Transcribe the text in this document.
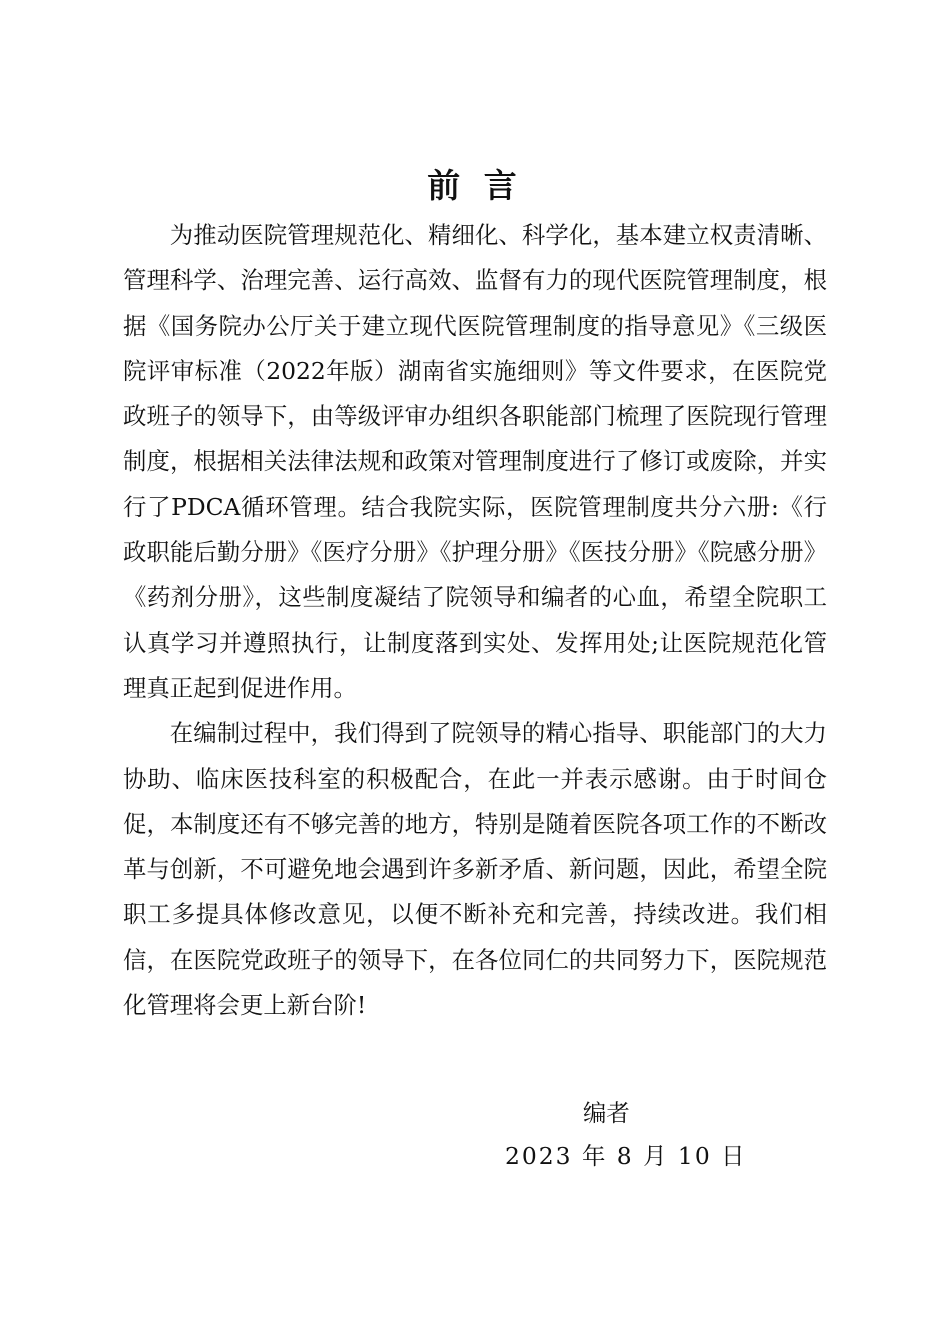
前 言

为推动医院管理规范化、精细化、科学化，基本建立权责清晰、管理科学、治理完善、运行高效、监督有力的现代医院管理制度，根据《国务院办公厅关于建立现代医院管理制度的指导意见》《三级医院评审标准（2022年版）湖南省实施细则》等文件要求，在医院党政班子的领导下，由等级评审办组织各职能部门梳理了医院现行管理制度，根据相关法律法规和政策对管理制度进行了修订或废除，并实行了PDCA循环管理。结合我院实际，医院管理制度共分六册:《行政职能后勤分册》《医疗分册》《护理分册》《医技分册》《院感分册》《药剂分册》，这些制度凝结了院领导和编者的心血，希望全院职工认真学习并遵照执行，让制度落到实处、发挥用处;让医院规范化管理真正起到促进作用。

在编制过程中，我们得到了院领导的精心指导、职能部门的大力协助、临床医技科室的积极配合，在此一并表示感谢。由于时间仓促，本制度还有不够完善的地方，特别是随着医院各项工作的不断改革与创新，不可避免地会遇到许多新矛盾、新问题，因此，希望全院职工多提具体修改意见，以便不断补充和完善，持续改进。我们相信，在医院党政班子的领导下，在各位同仁的共同努力下，医院规范化管理将会更上新台阶!

编者
2023 年 8 月 10 日
